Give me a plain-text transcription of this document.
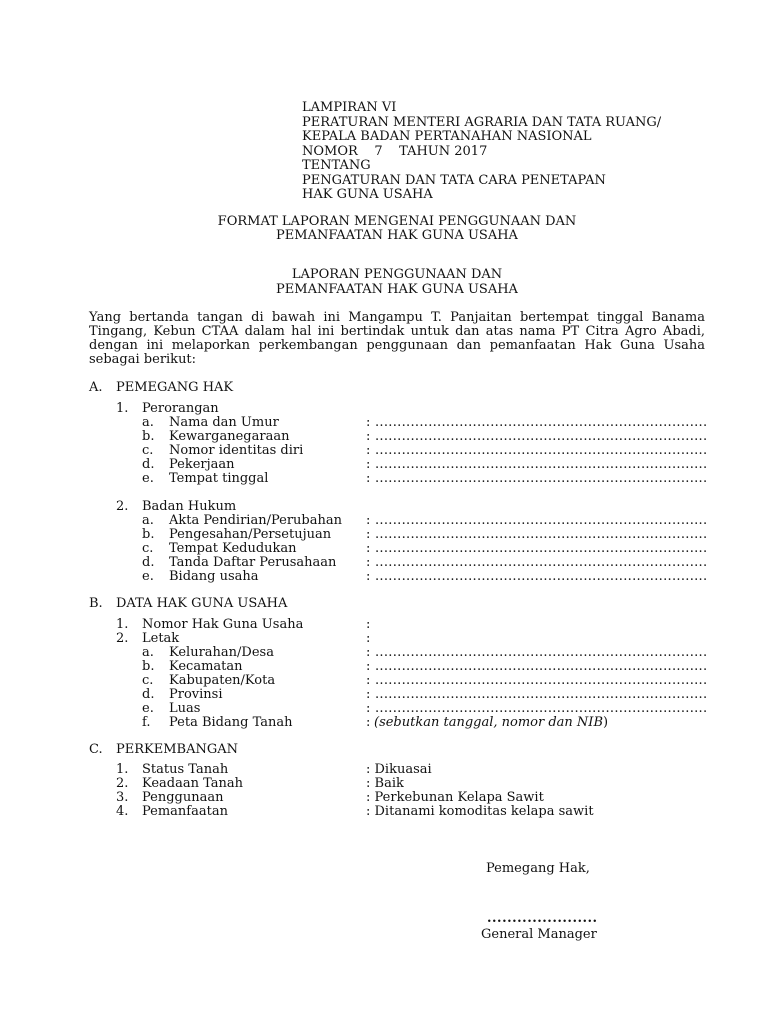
LAMPIRAN VI
PERATURAN MENTERI AGRARIA DAN TATA RUANG/
KEPALA BADAN PERTANAHAN NASIONAL
NOMOR    7    TAHUN 2017
TENTANG
PENGATURAN DAN TATA CARA PENETAPAN
HAK GUNA USAHA
FORMAT LAPORAN MENGENAI PENGGUNAAN DAN
PEMANFAATAN HAK GUNA USAHA
LAPORAN PENGGUNAAN DAN
PEMANFAATAN HAK GUNA USAHA

Yang bertanda tangan di bawah ini Mangampu T. Panjaitan bertempat tinggal Banama Tingang, Kebun CTAA dalam hal ini bertindak untuk dan atas nama PT Citra Agro Abadi, dengan ini melaporkan perkembangan penggunaan dan pemanfaatan Hak Guna Usaha sebagai berikut:

A. PEMEGANG HAK
1. Perorangan
a. Nama dan Umur	: ...........................................................................
b. Kewarganegaraan	: ...........................................................................
c. Nomor identitas diri	: ...........................................................................
d. Pekerjaan	: ...........................................................................
e. Tempat tinggal	: ...........................................................................
2. Badan Hukum
a. Akta Pendirian/Perubahan : ...........................................................................
b. Pengesahan/Persetujuan	: ...........................................................................
c. Tempat Kedudukan	: ...........................................................................
d. Tanda Daftar Perusahaan : ...........................................................................
e. Bidang usaha	: ...........................................................................
B. DATA HAK GUNA USAHA
1. Nomor Hak Guna Usaha	:
2. Letak	:
a. Kelurahan/Desa	: ...........................................................................
b. Kecamatan	: ...........................................................................
c. Kabupaten/Kota	: ...........................................................................
d. Provinsi	: ...........................................................................
e. Luas	: ...........................................................................
f. Peta Bidang Tanah	: (sebutkan tanggal, nomor dan NIB)
C. PERKEMBANGAN
1. Status Tanah	: Dikuasai
2. Keadaan Tanah	: Baik
3. Penggunaan	: Perkebunan Kelapa Sawit
4. Pemanfaatan	: Ditanami komoditas kelapa sawit
Pemegang Hak,
......................
General Manager
